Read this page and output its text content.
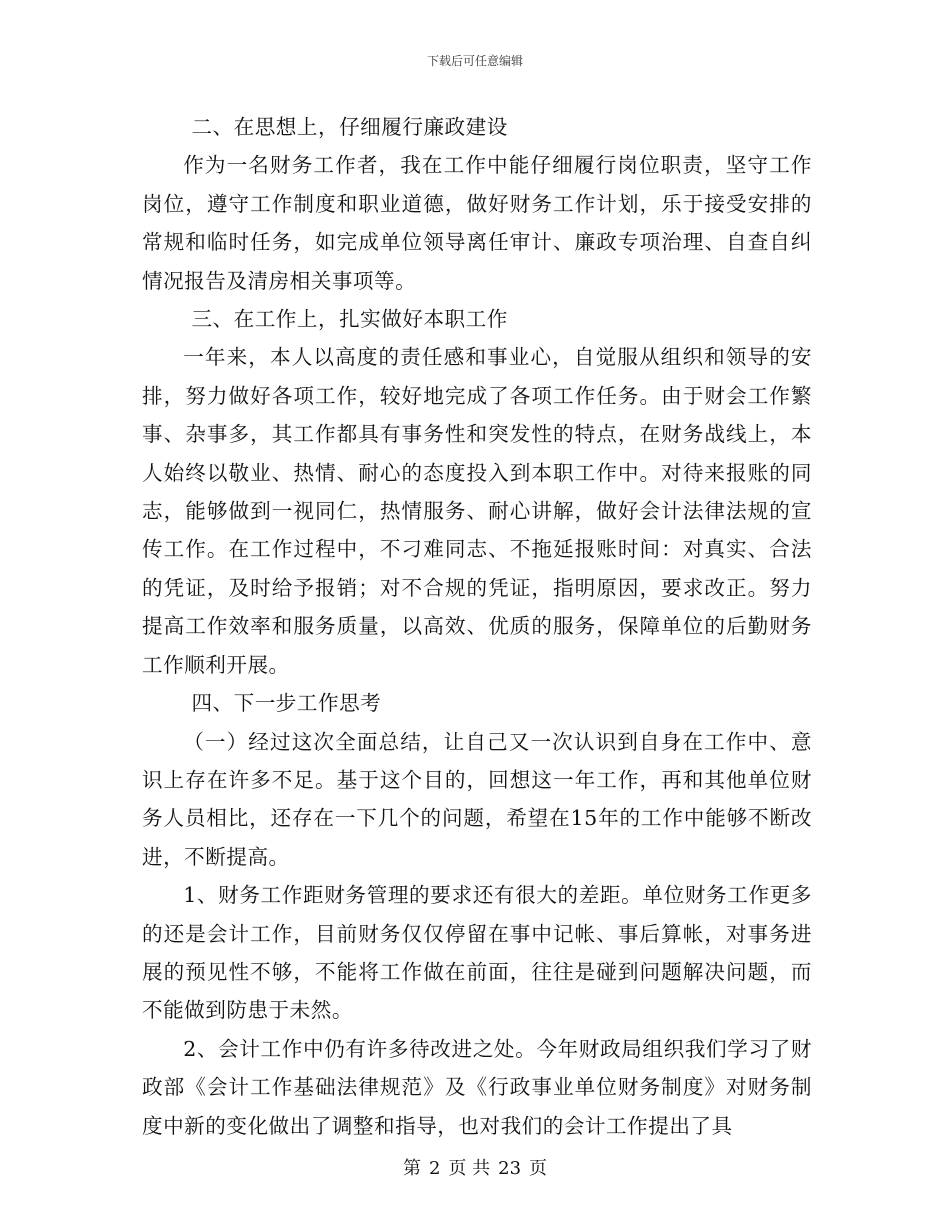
下载后可任意编辑

二、在思想上，仔细履行廉政建设

作为一名财务工作者，我在工作中能仔细履行岗位职责，坚守工作岗位，遵守工作制度和职业道德，做好财务工作计划，乐于接受安排的常规和临时任务，如完成单位领导离任审计、廉政专项治理、自查自纠情况报告及清房相关事项等。

三、在工作上，扎实做好本职工作

一年来，本人以高度的责任感和事业心，自觉服从组织和领导的安排，努力做好各项工作，较好地完成了各项工作任务。由于财会工作繁事、杂事多，其工作都具有事务性和突发性的特点，在财务战线上，本人始终以敬业、热情、耐心的态度投入到本职工作中。对待来报账的同志，能够做到一视同仁，热情服务、耐心讲解，做好会计法律法规的宣传工作。在工作过程中，不刁难同志、不拖延报账时间：对真实、合法的凭证，及时给予报销；对不合规的凭证，指明原因，要求改正。努力提高工作效率和服务质量，以高效、优质的服务，保障单位的后勤财务工作顺利开展。

四、下一步工作思考

（一）经过这次全面总结，让自己又一次认识到自身在工作中、意识上存在许多不足。基于这个目的，回想这一年工作，再和其他单位财务人员相比，还存在一下几个的问题，希望在15年的工作中能够不断改进，不断提高。

1、财务工作距财务管理的要求还有很大的差距。单位财务工作更多的还是会计工作，目前财务仅仅停留在事中记帐、事后算帐，对事务进展的预见性不够，不能将工作做在前面，往往是碰到问题解决问题，而不能做到防患于未然。

2、会计工作中仍有许多待改进之处。今年财政局组织我们学习了财政部《会计工作基础法律规范》及《行政事业单位财务制度》对财务制度中新的变化做出了调整和指导，也对我们的会计工作提出了具

第 2 页 共 23 页
